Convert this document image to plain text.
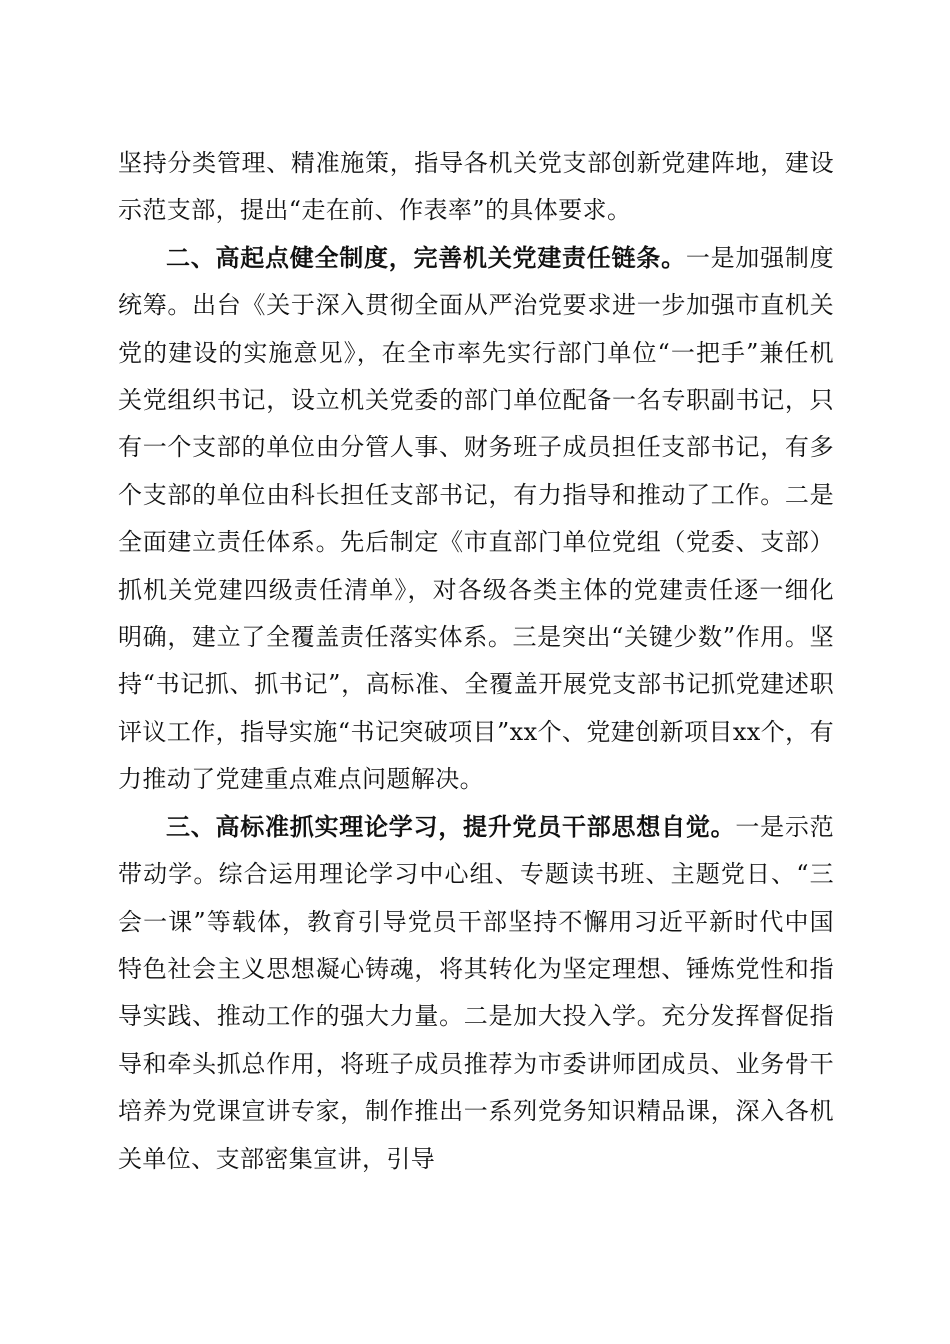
坚持分类管理、精准施策，指导各机关党支部创新党建阵地，建设示范支部，提出“走在前、作表率”的具体要求。

二、高起点健全制度，完善机关党建责任链条。一是加强制度统筹。出台《关于深入贯彻全面从严治党要求进一步加强市直机关党的建设的实施意见》，在全市率先实行部门单位“一把手”兼任机关党组织书记，设立机关党委的部门单位配备一名专职副书记，只有一个支部的单位由分管人事、财务班子成员担任支部书记，有多个支部的单位由科长担任支部书记，有力指导和推动了工作。二是全面建立责任体系。先后制定《市直部门单位党组（党委、支部）抓机关党建四级责任清单》，对各级各类主体的党建责任逐一细化明确，建立了全覆盖责任落实体系。三是突出“关键少数”作用。坚持“书记抓、抓书记”，高标准、全覆盖开展党支部书记抓党建述职评议工作，指导实施“书记突破项目”xx个、党建创新项目xx个，有力推动了党建重点难点问题解决。

三、高标准抓实理论学习，提升党员干部思想自觉。一是示范带动学。综合运用理论学习中心组、专题读书班、主题党日、“三会一课”等载体，教育引导党员干部坚持不懈用习近平新时代中国特色社会主义思想凝心铸魂，将其转化为坚定理想、锤炼党性和指导实践、推动工作的强大力量。二是加大投入学。充分发挥督促指导和牵头抓总作用，将班子成员推荐为市委讲师团成员、业务骨干培养为党课宣讲专家，制作推出一系列党务知识精品课，深入各机关单位、支部密集宣讲，引导
